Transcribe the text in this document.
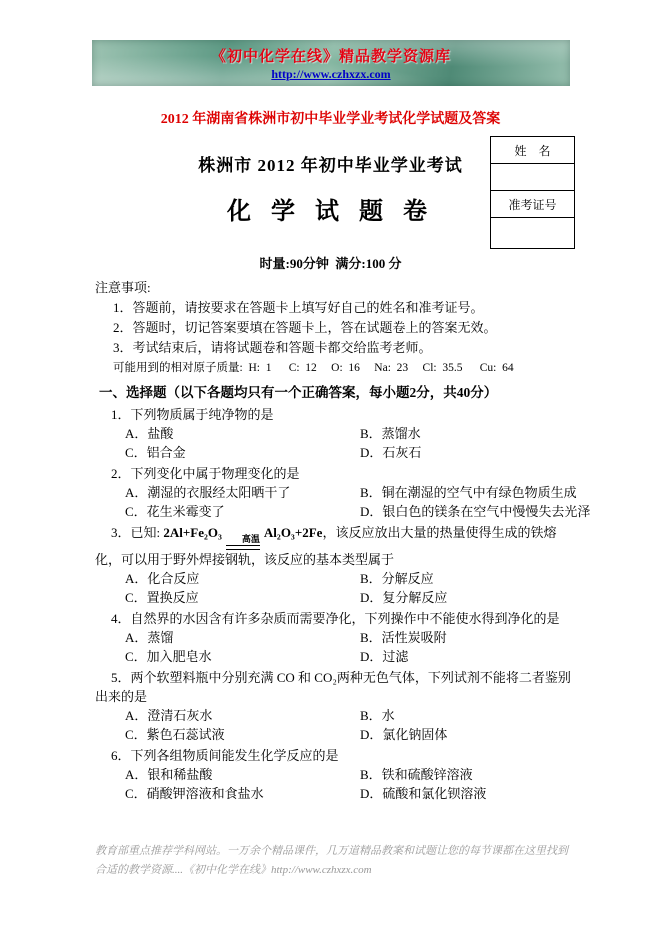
《初中化学在线》精品教学资源库
http://www.czhxzx.com
2012 年湖南省株洲市初中毕业学业考试化学试题及答案
株洲市 2012 年初中毕业学业考试
化 学 试 题 卷
时量:90分钟  满分:100 分
姓    名
准考证号
注意事项:
1．答题前，请按要求在答题卡上填写好自己的姓名和准考证号。
2．答题时，切记答案要填在答题卡上，答在试题卷上的答案无效。
3．考试结束后，请将试题卷和答题卡都交给监考老师。
可能用到的相对原子质量:  H:  1      C:  12     O:  16     Na:  23     Cl:  35.5      Cu:  64
一、选择题（以下各题均只有一个正确答案，每小题2分，共40分）
1．下列物质属于纯净物的是
A．盐酸	B．蒸馏水
C．铝合金	D．石灰石
2．下列变化中属于物理变化的是
A．潮湿的衣服经太阳晒干了	B．铜在潮湿的空气中有绿色物质生成
C．花生米霉变了	D．银白色的镁条在空气中慢慢失去光泽
3．已知: 2Al+Fe₂O₃	高温 Al₂O₃+2Fe，该反应放出大量的热量使得生成的铁熔化，可以用于野外焊接钢轨，该反应的基本类型属于
A．化合反应	B．分解反应
C．置换反应	D．复分解反应
4．自然界的水因含有许多杂质而需要净化，下列操作中不能使水得到净化的是
A．蒸馏	B．活性炭吸附
C．加入肥皂水	D．过滤
5．两个软塑料瓶中分别充满 CO 和 CO₂两种无色气体，下列试剂不能将二者鉴别出来的是
A．澄清石灰水	B．水
C．紫色石蕊试液	D．氯化钠固体
6．下列各组物质间能发生化学反应的是
A．银和稀盐酸	B．铁和硫酸锌溶液
C．硝酸钾溶液和食盐水	D．硫酸和氯化钡溶液
教育部重点推荐学科网站。一万余个精品课件，几万道精品教案和试题让您的每节课都在这里找到合适的教学资源....《初中化学在线》http://www.czhxzx.com
